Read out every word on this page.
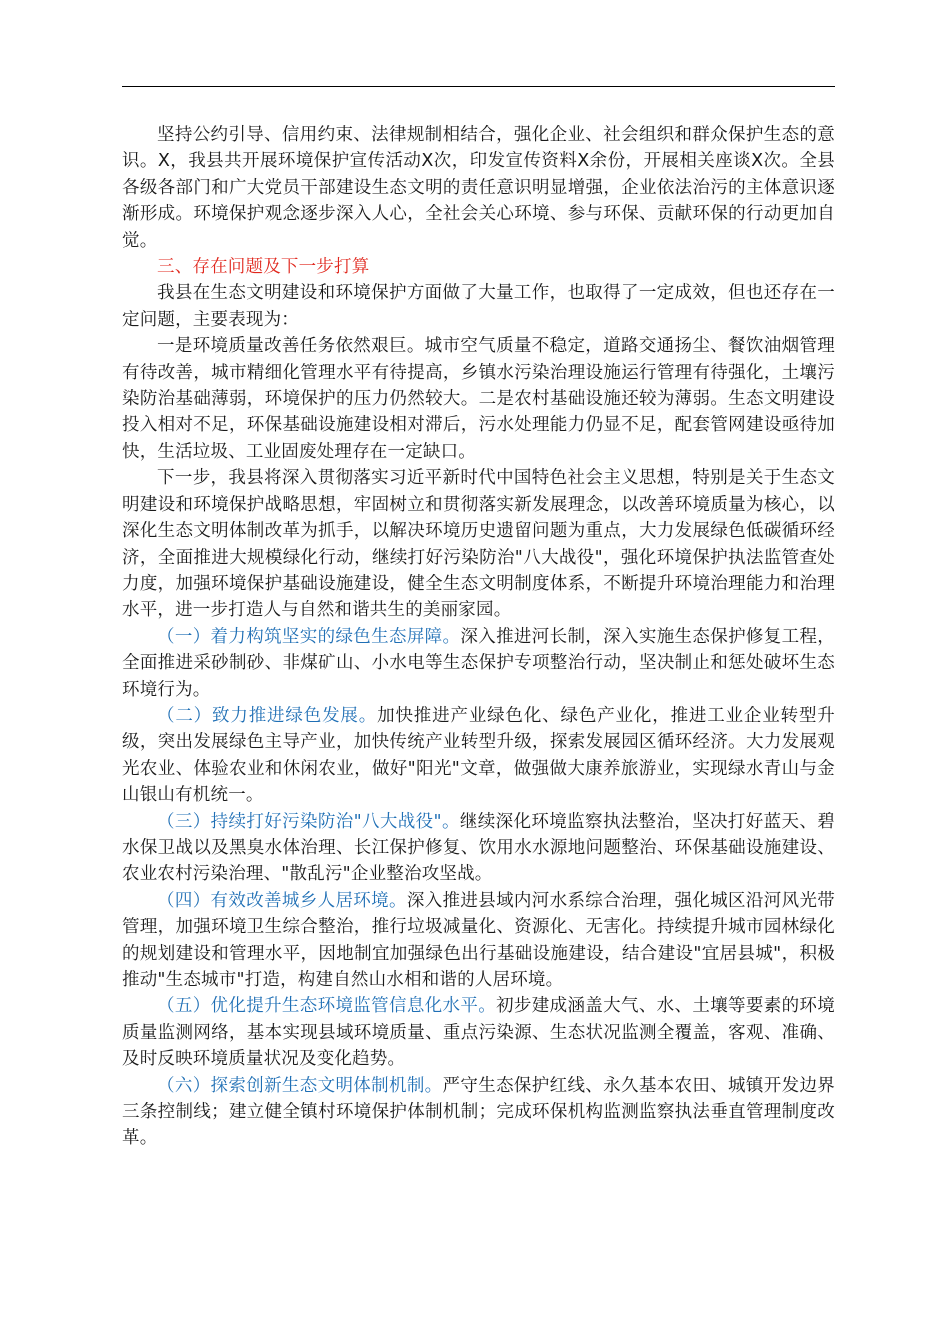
坚持公约引导、信用约束、法律规制相结合，强化企业、社会组织和群众保护生态的意识。X，我县共开展环境保护宣传活动X次，印发宣传资料X余份，开展相关座谈X次。全县各级各部门和广大党员干部建设生态文明的责任意识明显增强，企业依法治污的主体意识逐渐形成。环境保护观念逐步深入人心，全社会关心环境、参与环保、贡献环保的行动更加自觉。

三、存在问题及下一步打算

我县在生态文明建设和环境保护方面做了大量工作，也取得了一定成效，但也还存在一定问题，主要表现为：

一是环境质量改善任务依然艰巨。城市空气质量不稳定，道路交通扬尘、餐饮油烟管理有待改善，城市精细化管理水平有待提高，乡镇水污染治理设施运行管理有待强化，土壤污染防治基础薄弱，环境保护的压力仍然较大。二是农村基础设施还较为薄弱。生态文明建设投入相对不足，环保基础设施建设相对滞后，污水处理能力仍显不足，配套管网建设亟待加快，生活垃圾、工业固废处理存在一定缺口。

下一步，我县将深入贯彻落实习近平新时代中国特色社会主义思想，特别是关于生态文明建设和环境保护战略思想，牢固树立和贯彻落实新发展理念，以改善环境质量为核心，以深化生态文明体制改革为抓手，以解决环境历史遗留问题为重点，大力发展绿色低碳循环经济，全面推进大规模绿化行动，继续打好污染防治"八大战役"，强化环境保护执法监管查处力度，加强环境保护基础设施建设，健全生态文明制度体系，不断提升环境治理能力和治理水平，进一步打造人与自然和谐共生的美丽家园。

（一）着力构筑坚实的绿色生态屏障。深入推进河长制，深入实施生态保护修复工程，全面推进采砂制砂、非煤矿山、小水电等生态保护专项整治行动，坚决制止和惩处破坏生态环境行为。

（二）致力推进绿色发展。加快推进产业绿色化、绿色产业化，推进工业企业转型升级，突出发展绿色主导产业，加快传统产业转型升级，探索发展园区循环经济。大力发展观光农业、体验农业和休闲农业，做好"阳光"文章，做强做大康养旅游业，实现绿水青山与金山银山有机统一。

（三）持续打好污染防治"八大战役"。继续深化环境监察执法整治，坚决打好蓝天、碧水保卫战以及黑臭水体治理、长江保护修复、饮用水水源地问题整治、环保基础设施建设、农业农村污染治理、"散乱污"企业整治攻坚战。

（四）有效改善城乡人居环境。深入推进县域内河水系综合治理，强化城区沿河风光带管理，加强环境卫生综合整治，推行垃圾减量化、资源化、无害化。持续提升城市园林绿化的规划建设和管理水平，因地制宜加强绿色出行基础设施建设，结合建设"宜居县城"，积极推动"生态城市"打造，构建自然山水相和谐的人居环境。

（五）优化提升生态环境监管信息化水平。初步建成涵盖大气、水、土壤等要素的环境质量监测网络，基本实现县域环境质量、重点污染源、生态状况监测全覆盖，客观、准确、及时反映环境质量状况及变化趋势。

（六）探索创新生态文明体制机制。严守生态保护红线、永久基本农田、城镇开发边界三条控制线；建立健全镇村环境保护体制机制；完成环保机构监测监察执法垂直管理制度改革。
